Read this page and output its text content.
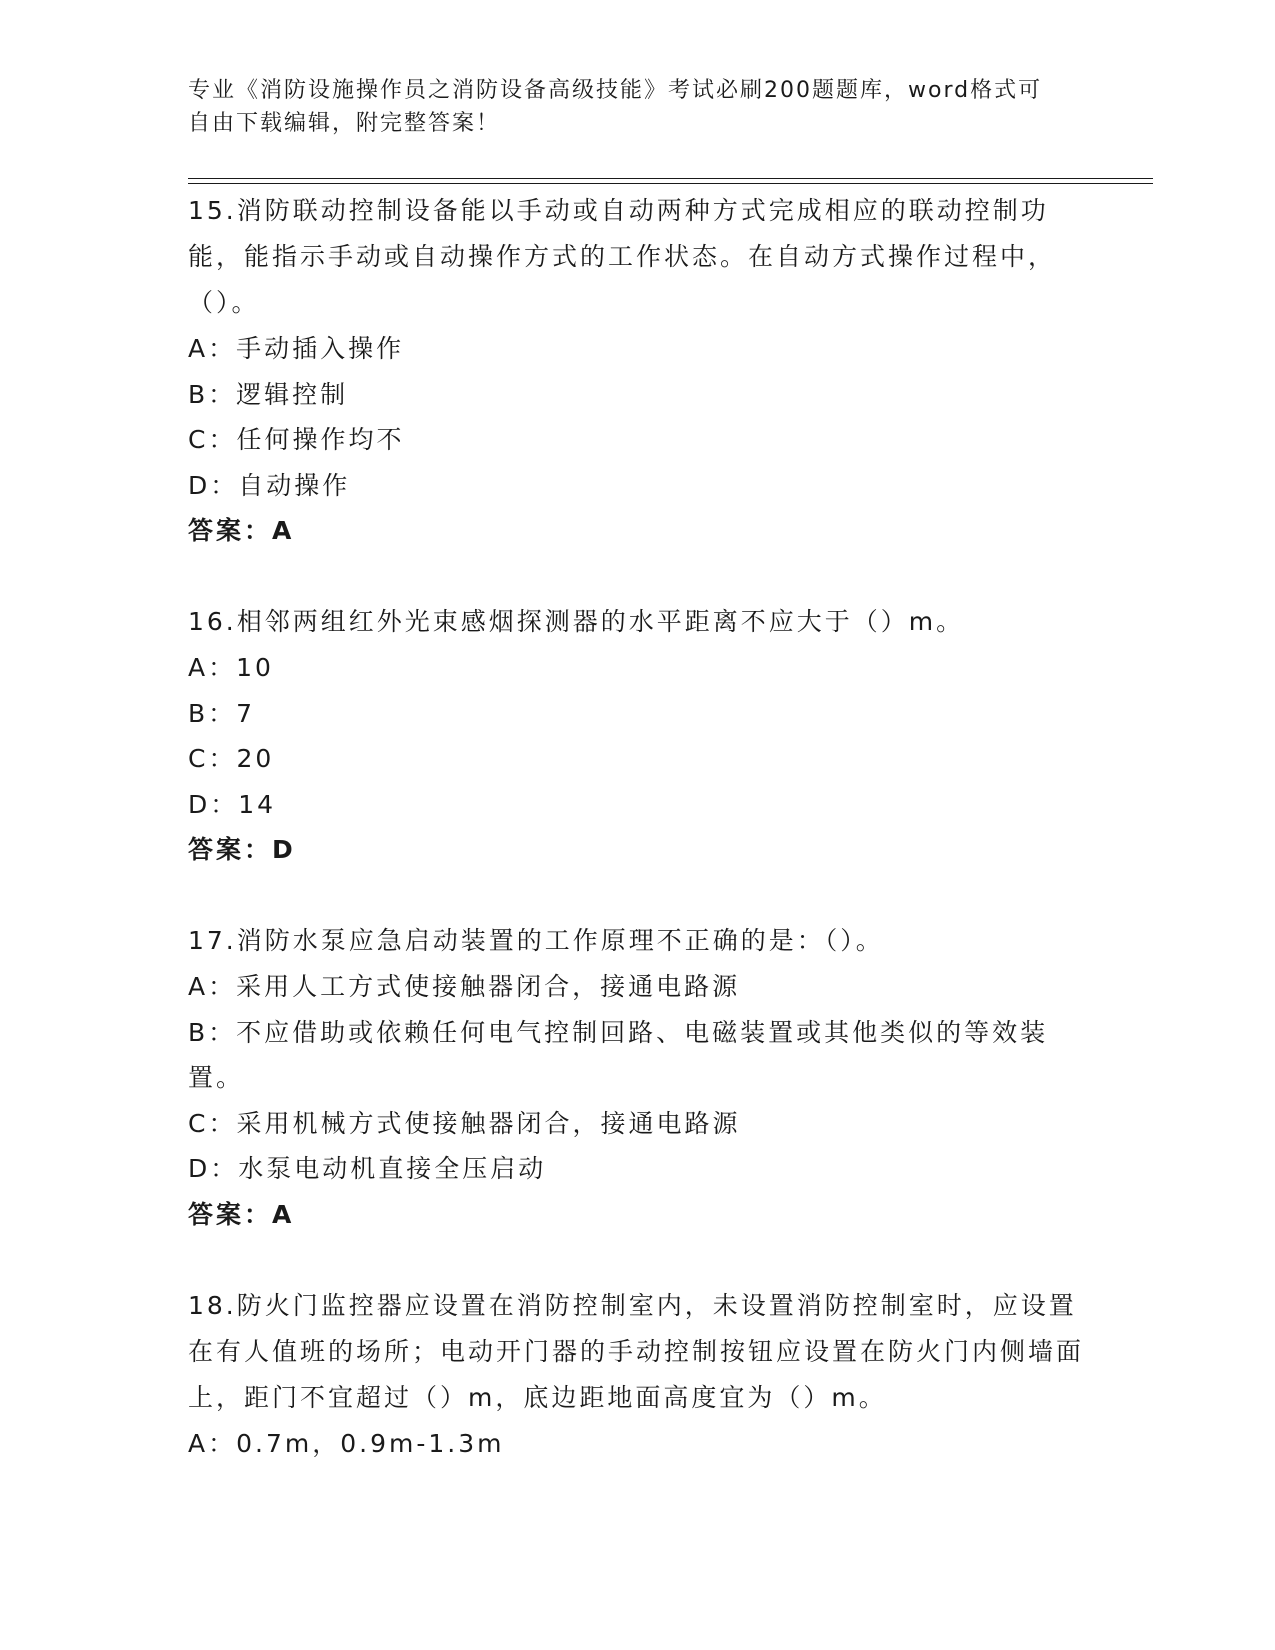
专业《消防设施操作员之消防设备高级技能》考试必刷200题题库，word格式可
自由下载编辑，附完整答案！

15.消防联动控制设备能以手动或自动两种方式完成相应的联动控制功能，能指示手动或自动操作方式的工作状态。在自动方式操作过程中，（）。

A：手动插入操作

B：逻辑控制

C：任何操作均不

D：自动操作

答案：A

16.相邻两组红外光束感烟探测器的水平距离不应大于（）m。

A：10

B：7

C：20

D：14

答案：D

17.消防水泵应急启动装置的工作原理不正确的是：（）。

A：采用人工方式使接触器闭合，接通电路源

B：不应借助或依赖任何电气控制回路、电磁装置或其他类似的等效装置。

C：采用机械方式使接触器闭合，接通电路源

D：水泵电动机直接全压启动

答案：A

18.防火门监控器应设置在消防控制室内，未设置消防控制室时，应设置在有人值班的场所；电动开门器的手动控制按钮应设置在防火门内侧墙面上，距门不宜超过（）m，底边距地面高度宜为（）m。

A：0.7m，0.9m-1.3m
